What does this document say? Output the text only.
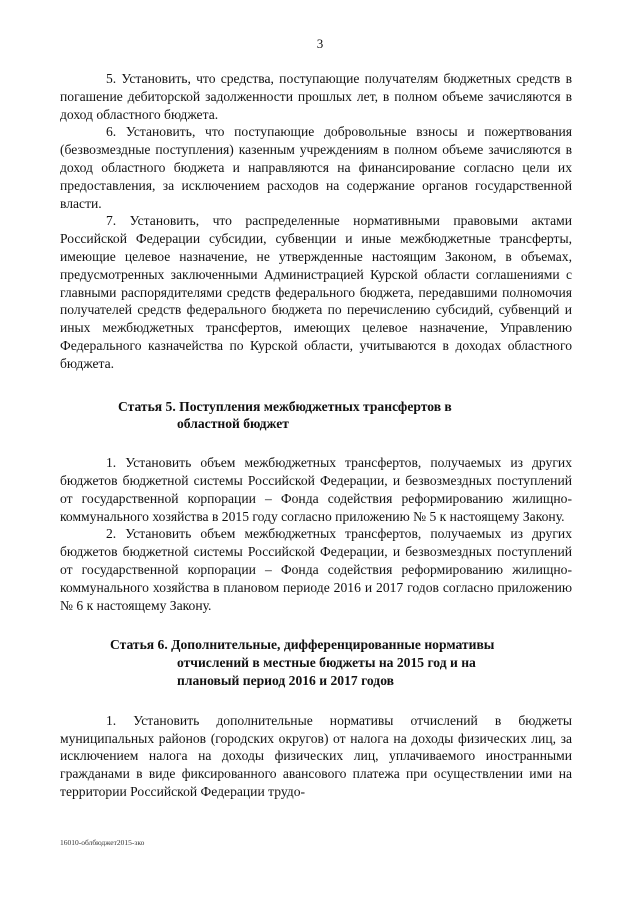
3

5. Установить, что средства, поступающие получателям бюджетных средств в погашение дебиторской задолженности прошлых лет, в полном объеме зачисляются в доход областного бюджета.

6. Установить, что поступающие добровольные взносы и пожертвования (безвозмездные поступления) казенным учреждениям в полном объеме зачисляются в доход областного бюджета и направляются на финансирование согласно цели их предоставления, за исключением расходов на содержание органов государственной власти.

7. Установить, что распределенные нормативными правовыми актами Российской Федерации субсидии, субвенции и иные межбюджетные трансферты, имеющие целевое назначение, не утвержденные настоящим Законом, в объемах, предусмотренных заключенными Администрацией Курской области соглашениями с главными распорядителями средств федерального бюджета, передавшими полномочия получателей средств федерального бюджета по перечислению субсидий, субвенций и иных межбюджетных трансфертов, имеющих целевое назначение, Управлению Федерального казначейства по Курской области, учитываются в доходах областного бюджета.

Статья 5. Поступления межбюджетных трансфертов в
областной бюджет

1. Установить объем межбюджетных трансфертов, получаемых из других бюджетов бюджетной системы Российской Федерации, и безвозмездных поступлений от государственной корпорации – Фонда содействия реформированию жилищно-коммунального хозяйства в 2015 году согласно приложению № 5 к настоящему Закону.

2. Установить объем межбюджетных трансфертов, получаемых из других бюджетов бюджетной системы Российской Федерации, и безвозмездных поступлений от государственной корпорации – Фонда содействия реформированию жилищно-коммунального хозяйства в плановом периоде 2016 и 2017 годов согласно приложению № 6 к настоящему Закону.

Статья 6. Дополнительные, дифференцированные нормативы
отчислений в местные бюджеты на 2015 год и на
плановый период 2016 и 2017 годов

1. Установить дополнительные нормативы отчислений в бюджеты муниципальных районов (городских округов) от налога на доходы физических лиц, за исключением налога на доходы физических лиц, уплачиваемого иностранными гражданами в виде фиксированного авансового платежа при осуществлении ими на территории Российской Федерации трудо-

16010-облбюджет2015-зко
